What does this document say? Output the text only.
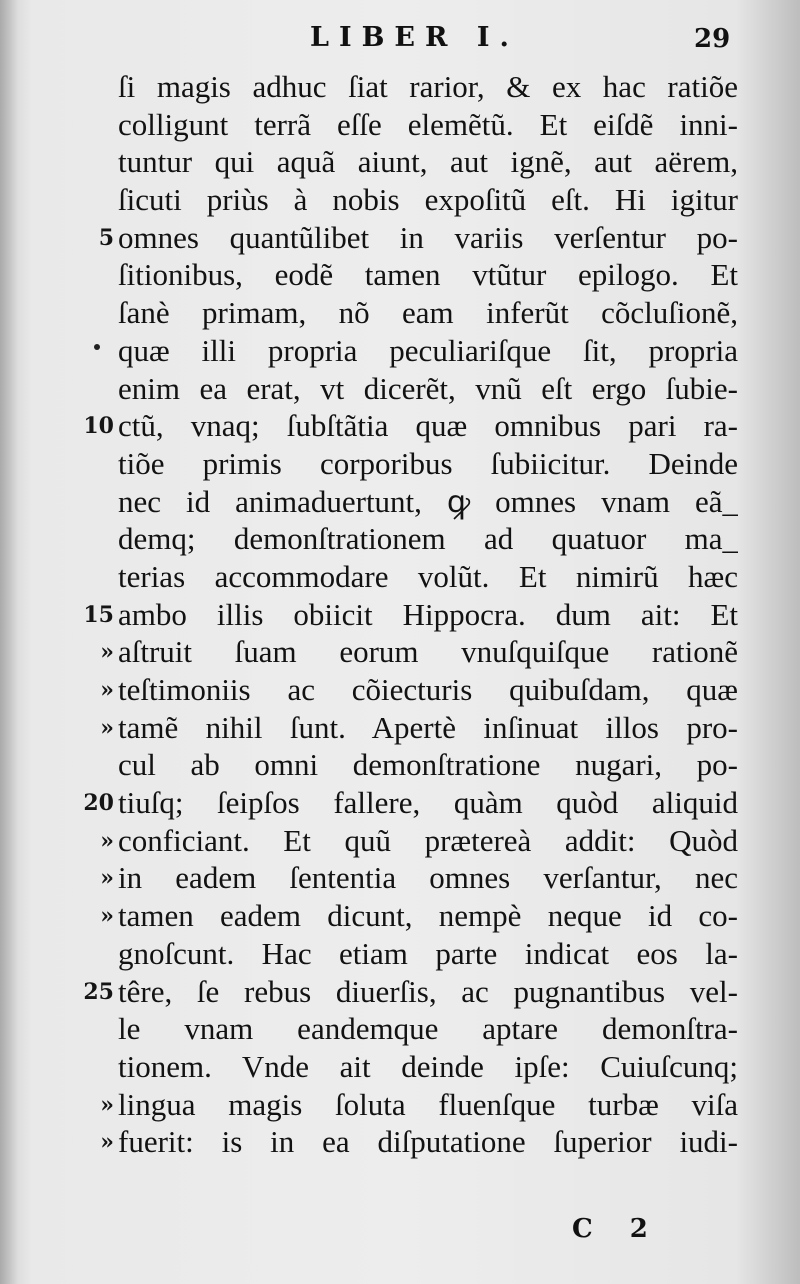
LIBER I.	29
ſi magis adhuc ſiat rarior, & ex hac ratiõe
colligunt terrã eſſe elemẽtũ. Et eiſdẽ inni-
tuntur qui aquã aiunt, aut ignẽ, aut aërem,
ſicuti priùs à nobis expoſitũ eſt. Hi igitur
5 omnes quantũlibet in variis verſentur po-
ſitionibus, eodẽ tamen vtũtur epilogo. Et
ſanè primam, nõ eam inferũt cõcluſionẽ,
quæ illi propria peculiariſque ſit, propria
enim ea erat, vt dicerẽt, vnũ eſt ergo ſubie-
10 ctũ, vnaq; ſubſtãtia quæ omnibus pari ra-
tiõe primis corporibus ſubiicitur. Deinde
nec id animaduertunt, ꝙ omnes vnam eã_
demq; demonſtrationem ad quatuor ma_
terias accommodare volũt. Et nimirũ hæc
15 ambo illis obiicit Hippocra. dum ait: Et
» aſtruit ſuam eorum vnuſquiſque rationẽ
» teſtimoniis ac cõiecturis quibuſdam, quæ
» tamẽ nihil ſunt. Apertè inſinuat illos pro-
cul ab omni demonſtratione nugari, po-
20 tiuſq; ſeipſos fallere, quàm quòd aliquid
» conficiant. Et quũ prætereà addit: Quòd
» in eadem ſententia omnes verſantur, nec
» tamen eadem dicunt, nempè neque id co-
gnoſcunt. Hac etiam parte indicat eos la-
25 têre, ſe rebus diuerſis, ac pugnantibus vel-
le vnam eandemque aptare demonſtra-
tionem. Vnde ait deinde ipſe: Cuiuſcunq;
» lingua magis ſoluta fluenſque turbæ viſa
» fuerit: is in ea diſputatione ſuperior iudi-
C 2
